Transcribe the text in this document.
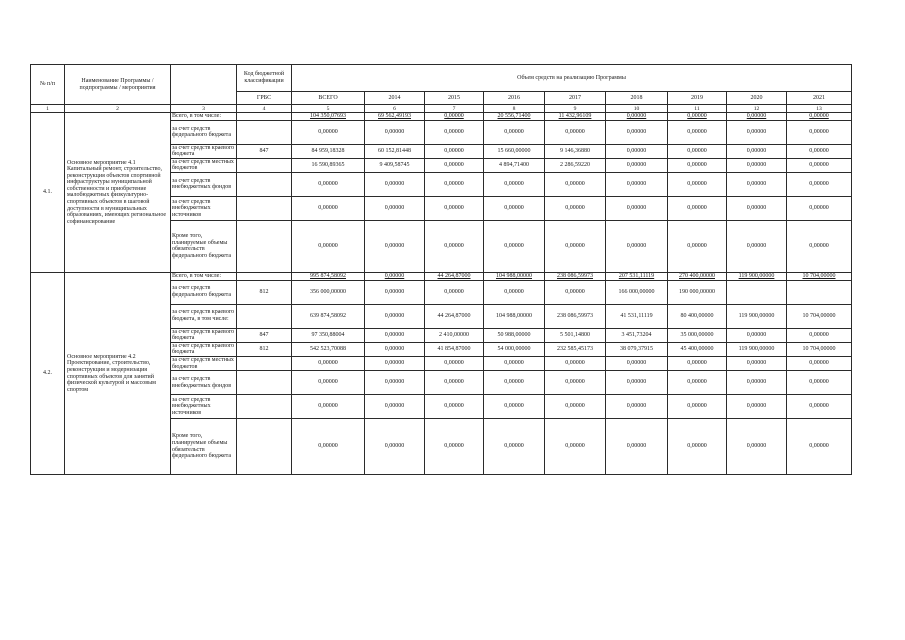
№ п/п	Наименование Программы / подпрограммы / мероприятия		Код бюджетной классификации	Объем средств на реализацию Программы								
			ГРБС	ВСЕГО	2014	2015	2016	2017	2018	2019	2020	2021
1	2	3	4	5	6	7	8	9	10	11	12	13
4.1.	Основное мероприятие 4.1 Капитальный ремонт, строительство, реконструкция объектов спортивной инфраструктуры муниципальной собственности и приобретение малобюджетных физкультурно-спортивных объектов в шаговой доступности в муниципальных образованиях, имеющих региональное софинансирование	Всего, в том числе:		104 350,07693	69 562,49193	0,00000	20 556,71400	11 432,96109	0,00000	0,00000	0,00000	0,00000
		за счет средств федерального бюджета		0,00000	0,00000	0,00000	0,00000	0,00000	0,00000	0,00000	0,00000	0,00000
		за счет средств краевого бюджета	847	84 959,18328	60 152,81448	0,00000	15 660,00000	9 146,36880	0,00000	0,00000	0,00000	0,00000
		за счет средств местных бюджетов		16 590,89365	9 409,58745	0,00000	4 894,71400	2 286,59220	0,00000	0,00000	0,00000	0,00000
		за счет средств внебюджетных фондов		0,00000	0,00000	0,00000	0,00000	0,00000	0,00000	0,00000	0,00000	0,00000
		за счет средств внебюджетных источников		0,00000	0,00000	0,00000	0,00000	0,00000	0,00000	0,00000	0,00000	0,00000
		Кроме того, планируемые объемы обязательств федерального бюджета		0,00000	0,00000	0,00000	0,00000	0,00000	0,00000	0,00000	0,00000	0,00000
4.2.	Основное мероприятие 4.2 Проектирование, строительство, реконструкция и модернизация спортивных объектов для занятий физической культурой и массовым спортом	Всего, в том числе:		995 874,58092	0,00000	44 264,87000	104 988,00000	238 086,59973	207 531,11119	270 400,00000	119 900,00000	10 704,00000
		за счет средств федерального бюджета	812	356 000,00000	0,00000	0,00000	0,00000	0,00000	166 000,00000	190 000,00000		
		за счет средств краевого бюджета, в том числе:		639 874,58092	0,00000	44 264,87000	104 988,00000	238 086,59973	41 531,11119	80 400,00000	119 900,00000	10 704,00000
		за счет средств краевого бюджета	847	97 350,88004	0,00000	2 410,00000	50 988,00000	5 501,14800	3 451,73204	35 000,00000	0,00000	0,00000
		за счет средств краевого бюджета	812	542 523,70088	0,00000	41 854,87000	54 000,00000	232 585,45173	38 079,37915	45 400,00000	119 900,00000	10 704,00000
		за счет средств местных бюджетов		0,00000	0,00000	0,00000	0,00000	0,00000	0,00000	0,00000	0,00000	0,00000
		за счет средств внебюджетных фондов		0,00000	0,00000	0,00000	0,00000	0,00000	0,00000	0,00000	0,00000	0,00000
		за счет средств внебюджетных источников		0,00000	0,00000	0,00000	0,00000	0,00000	0,00000	0,00000	0,00000	0,00000
		Кроме того, планируемые объемы обязательств федерального бюджета		0,00000	0,00000	0,00000	0,00000	0,00000	0,00000	0,00000	0,00000	0,00000
